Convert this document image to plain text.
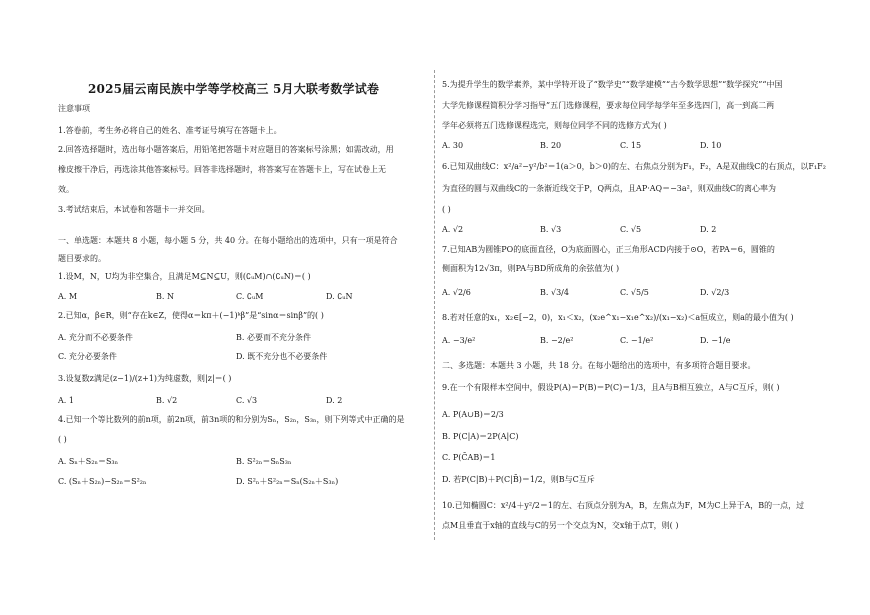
2025届云南民族中学等学校高三 5月大联考数学试卷
注意事项
1.答卷前，考生务必将自己的姓名、准考证号填写在答题卡上。
2.回答选择题时，选出每小题答案后，用铅笔把答题卡对应题目的答案标号涂黑；如需改动，用
橡皮擦干净后，再选涂其他答案标号。回答非选择题时，将答案写在答题卡上，写在试卷上无
效。
3.考试结束后，本试卷和答题卡一并交回。
一、单选题：本题共 8 小题，每小题 5 分，共 40 分。在每小题给出的选项中，只有一项是符合
题目要求的。
1.设M，N，U均为非空集合，且满足M⊆N⊆U，则(∁ᵤM)∩(∁ᵤN)＝( )
A. M	B. N	C. ∁ᵤM	D. ∁ᵤN
2.已知α，β∈R，则“存在k∈Z，使得α＝kπ＋(−1)ᵏβ”是“sinα＝sinβ”的( )
A. 充分而不必要条件	B. 必要而不充分条件
C. 充分必要条件	D. 既不充分也不必要条件
3.设复数z满足(z−1)/(z+1)为纯虚数，则|z|＝( )
A. 1	B. √2	C. √3	D. 2
4.已知一个等比数列的前n项，前2n项，前3n项的和分别为Sₙ，S₂ₙ，S₃ₙ，则下列等式中正确的是
( )
A. Sₙ＋S₂ₙ＝S₃ₙ	B. S²₂ₙ＝SₙS₃ₙ
C. (Sₙ＋S₂ₙ)−S₂ₙ＝S²₂ₙ	D. S²ₙ＋S²₂ₙ＝Sₙ(S₂ₙ＋S₃ₙ)
5.为提升学生的数学素养，某中学特开设了“数学史”“数学建模”“古今数学思想”“数学探究”“中国
大学先修课程简积分学习指导”五门选修课程，要求每位同学每学年至多选四门，高一到高二两
学年必须将五门选修课程选完，则每位同学不同的选修方式为( )
A. 30	B. 20	C. 15	D. 10
6.已知双曲线C：x²/a²−y²/b²＝1(a＞0，b＞0)的左、右焦点分别为F₁，F₂，A是双曲线C的右顶点，以F₁F₂
为直径的圆与双曲线C的一条渐近线交于P，Q两点，且AP·AQ＝−3a²，则双曲线C的离心率为
( )
A. √2	B. √3	C. √5	D. 2
7.已知AB为圆锥PO的底面直径，O为底面圆心，正三角形ACD内接于⊙O，若PA＝6，圆锥的
侧面积为12√3π，则PA与BD所成角的余弦值为( )
A. √2/6	B. √3/4	C. √5/5	D. √2/3
8.若对任意的x₁，x₂∈[−2，0)，x₁＜x₂，(x₂e^x₁−x₁e^x₂)/(x₁−x₂)＜a恒成立，则a的最小值为( )
A. −3/e²	B. −2/e²	C. −1/e²	D. −1/e
二、多选题：本题共 3 小题，共 18 分。在每小题给出的选项中，有多项符合题目要求。
9.在一个有限样本空间中，假设P(A)＝P(B)＝P(C)＝1/3，且A与B相互独立，A与C互斥，则( )
A. P(A∪B)＝2/3
B. P(C|A)＝2P(A|C)
C. P(C̄AB)＝1
D. 若P(C|B)＋P(C|B̄)＝1/2，则B与C互斥
10.已知椭圆C：x²/4＋y²/2＝1的左、右顶点分别为A，B，左焦点为F，M为C上异于A，B的一点，过
点M且垂直于x轴的直线与C的另一个交点为N，交x轴于点T，则( )
